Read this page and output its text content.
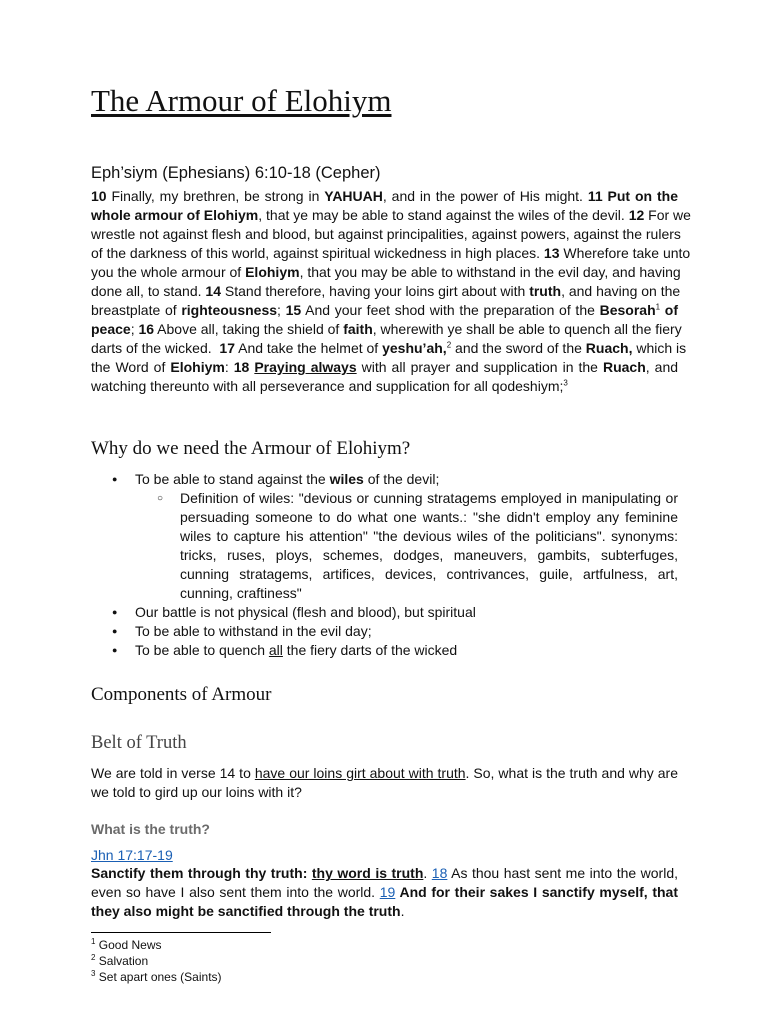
The Armour of Elohiym
Eph’siym (Ephesians) 6:10-18 (Cepher)
10 Finally, my brethren, be strong in YAHUAH, and in the power of His might. 11 Put on the
whole armour of Elohiym, that ye may be able to stand against the wiles of the devil. 12 For we
wrestle not against flesh and blood, but against principalities, against powers, against the rulers
of the darkness of this world, against spiritual wickedness in high places. 13 Wherefore take unto
you the whole armour of Elohiym, that you may be able to withstand in the evil day, and having
done all, to stand. 14 Stand therefore, having your loins girt about with truth, and having on the
breastplate of righteousness; 15 And your feet shod with the preparation of the Besorah$^1$ of
peace; 16 Above all, taking the shield of faith, wherewith ye shall be able to quench all the fiery
darts of the wicked.  17 And take the helmet of yeshu’ah,$^2$ and the sword of the Ruach, which is
the Word of Elohiym: 18 Praying always with all prayer and supplication in the Ruach, and
watching thereunto with all perseverance and supplication for all qodeshiym;$^3$
Why do we need the Armour of Elohiym?
● To be able to stand against the wiles of the devil;
○ Definition of wiles: "devious or cunning stratagems employed in manipulating or persuading someone to do what one wants.: "she didn't employ any feminine wiles to capture his attention" "the devious wiles of the politicians". synonyms: tricks, ruses, ploys, schemes, dodges, maneuvers, gambits, subterfuges, cunning stratagems, artifices, devices, contrivances, guile, artfulness, art, cunning, craftiness"
● Our battle is not physical (flesh and blood), but spiritual
● To be able to withstand in the evil day;
● To be able to quench all the fiery darts of the wicked
Components of Armour
Belt of Truth

We are told in verse 14 to have our loins girt about with truth. So, what is the truth and why are we told to gird up our loins with it?

What is the truth?
Jhn 17:17-19

Sanctify them through thy truth: thy word is truth. 18 As thou hast sent me into the world, even so have I also sent them into the world. 19 And for their sakes I sanctify myself, that they also might be sanctified through the truth.

$^1$ Good News
$^2$ Salvation
$^3$ Set apart ones (Saints)
